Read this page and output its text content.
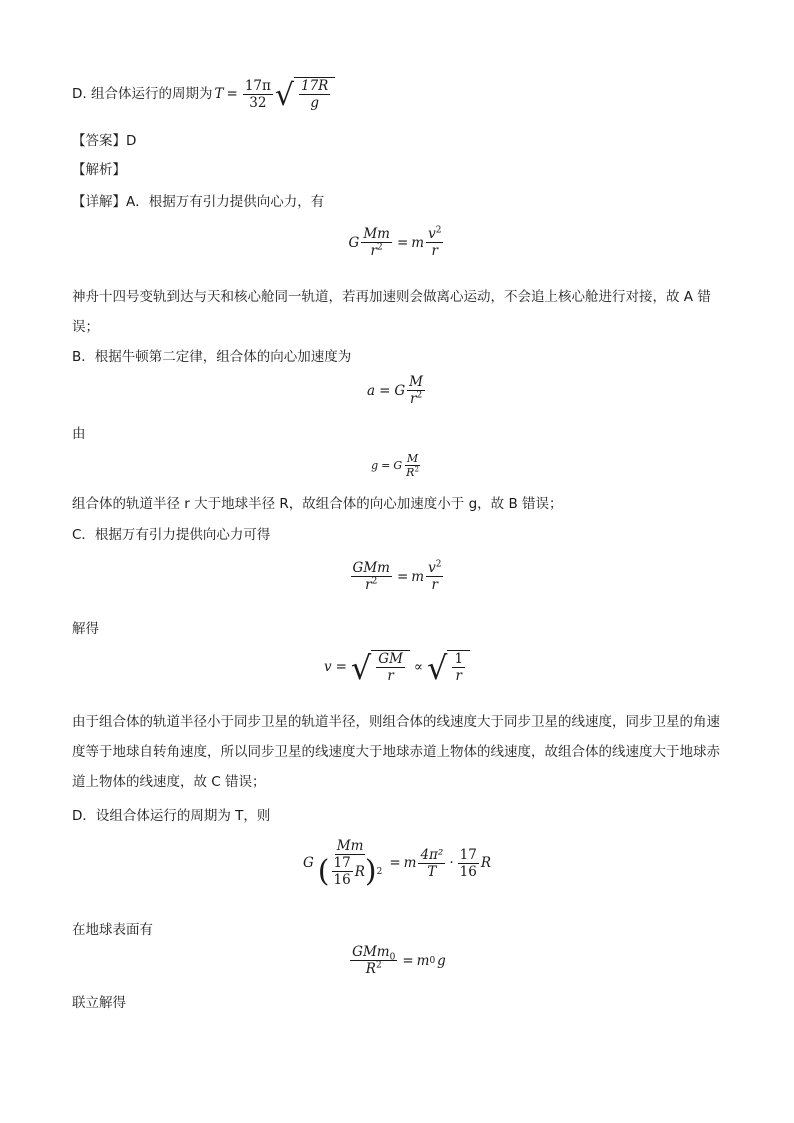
D. 组合体运行的周期为 $T = \frac{17\pi}{32}$ √ $\frac{17R}{g}$
【答案】D
【解析】
【详解】A．根据万有引力提供向心力，有
G $\frac{Mm}{r^2} = m \frac{v^2}{r}$
神舟十四号变轨到达与天和核心舱同一轨道，若再加速则会做离心运动，不会追上核心舱进行对接，故 A 错误；
B．根据牛顿第二定律，组合体的向心加速度为
a = G $\frac{M}{r^2}$
由
g = G $\frac{M}{R^2}$
组合体的轨道半径 r 大于地球半径 R，故组合体的向心加速度小于 g，故 B 错误；
C．根据万有引力提供向心力可得
$\frac{\text{GMm}}{r^2} = m \frac{v^2}{r}$
解得
v = √ $\frac{GM}{r}$ ∝ √ $\frac{1}{r}$
由于组合体的轨道半径小于同步卫星的轨道半径，则组合体的线速度大于同步卫星的线速度，同步卫星的角速度等于地球自转角速度，所以同步卫星的线速度大于地球赤道上物体的线速度，故组合体的线速度大于地球赤道上物体的线速度，故 C 错误；
D．设组合体运行的周期为 T，则
G
Mm
( $\frac{17}{16}$ R ) 2
= m $\frac{\text{4π²}}{T} \cdot \frac{17}{16}$ R
在地球表面有
$\frac{GMm_0}{R^2} = m$ 0 g
联立解得
